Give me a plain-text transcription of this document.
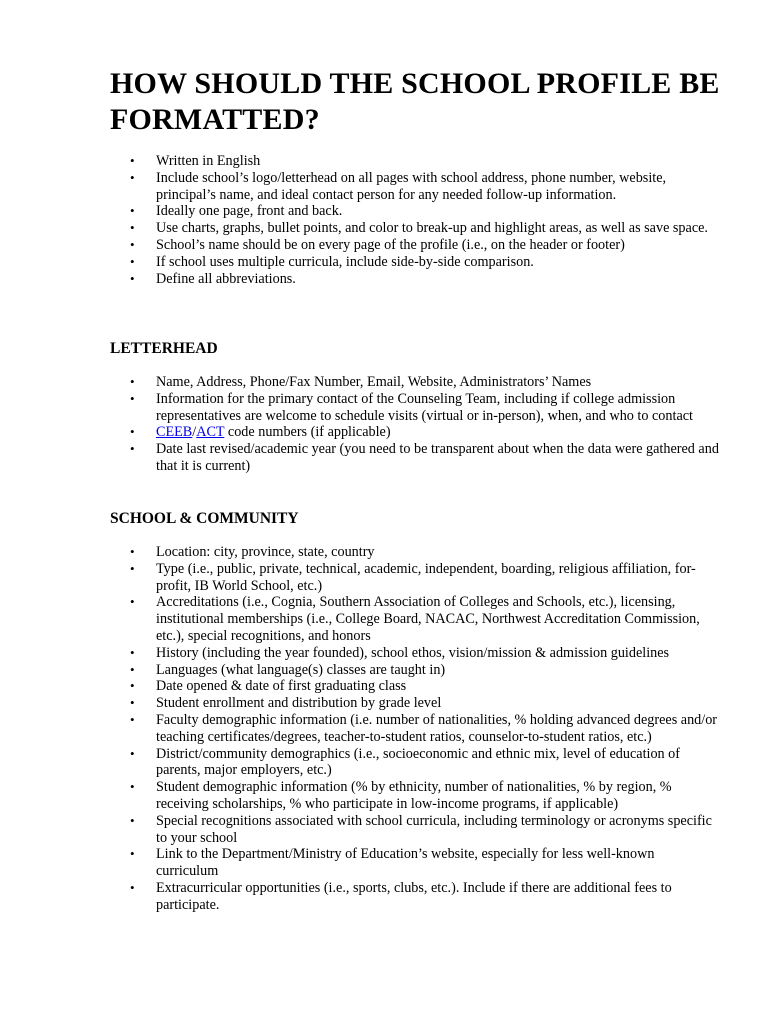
HOW SHOULD THE SCHOOL PROFILE BE FORMATTED?
• Written in English
• Include school’s logo/letterhead on all pages with school address, phone number, website, principal’s name, and ideal contact person for any needed follow-up information.
• Ideally one page, front and back.
• Use charts, graphs, bullet points, and color to break-up and highlight areas, as well as save space.
• School’s name should be on every page of the profile (i.e., on the header or footer)
• If school uses multiple curricula, include side-by-side comparison.
• Define all abbreviations.
LETTERHEAD
• Name, Address, Phone/Fax Number, Email, Website, Administrators’ Names
• Information for the primary contact of the Counseling Team, including if college admission representatives are welcome to schedule visits (virtual or in-person), when, and who to contact
• CEEB/ACT code numbers (if applicable)
• Date last revised/academic year (you need to be transparent about when the data were gathered and that it is current)
SCHOOL & COMMUNITY
• Location: city, province, state, country
• Type (i.e., public, private, technical, academic, independent, boarding, religious affiliation, for-profit, IB World School, etc.)
• Accreditations (i.e., Cognia, Southern Association of Colleges and Schools, etc.), licensing, institutional memberships (i.e., College Board, NACAC, Northwest Accreditation Commission, etc.), special recognitions, and honors
• History (including the year founded), school ethos, vision/mission & admission guidelines
• Languages (what language(s) classes are taught in)
• Date opened & date of first graduating class
• Student enrollment and distribution by grade level
• Faculty demographic information (i.e. number of nationalities, % holding advanced degrees and/or teaching certificates/degrees, teacher-to-student ratios, counselor-to-student ratios, etc.)
• District/community demographics (i.e., socioeconomic and ethnic mix, level of education of parents, major employers, etc.)
• Student demographic information (% by ethnicity, number of nationalities, % by region, % receiving scholarships, % who participate in low-income programs, if applicable)
• Special recognitions associated with school curricula, including terminology or acronyms specific to your school
• Link to the Department/Ministry of Education’s website, especially for less well-known curriculum
• Extracurricular opportunities (i.e., sports, clubs, etc.). Include if there are additional fees to participate.
